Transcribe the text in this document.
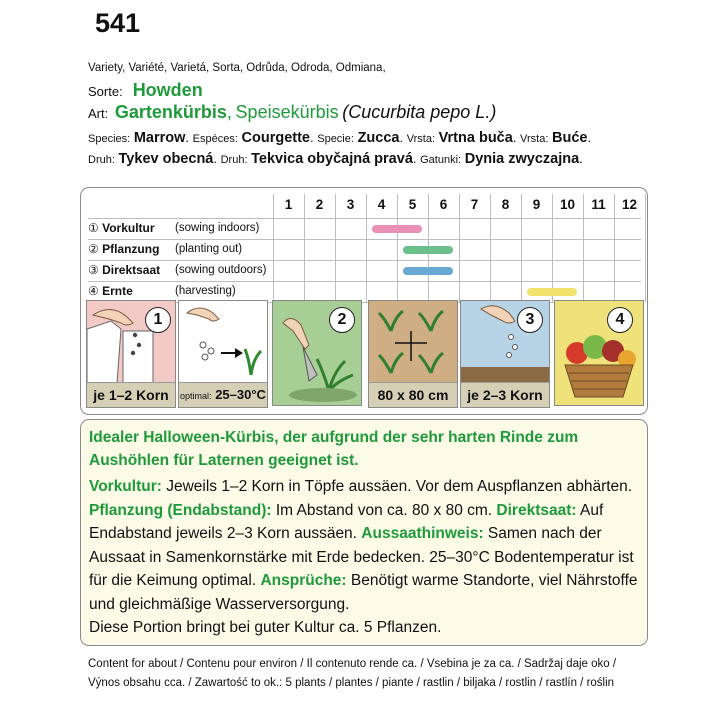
541
Variety, Variété, Varietá, Sorta, Odrůda, Odroda, Odmiana,
Sorte: Howden
Art: Gartenkürbis, Speisekürbis (Cucurbita pepo L.)
Species: Marrow. Espéces: Courgette. Specie: Zucca. Vrsta: Vrtna buča. Vrsta: Buće.
Druh: Tykev obecná. Druh: Tekvica obyčajná pravá. Gatunki: Dynia zwyczajna.
1	2	3	4	5	6	7	8	9	10	11	12
① Vorkultur (sowing indoors)
② Pflanzung (planting out)
③ Direktsaat (sowing outdoors)
④ Ernte	(harvesting)
1
je 1–2 Korn	optimal: 25–30°C
2
80 x 80 cm
3
je 2–3 Korn
4
Idealer Halloween-Kürbis, der aufgrund der sehr harten Rinde zum Aushöhlen für Laternen geeignet ist.
Vorkultur: Jeweils 1–2 Korn in Töpfe aussäen. Vor dem Auspflanzen abhärten. Pflanzung (Endabstand): Im Abstand von ca. 80 x 80 cm. Direktsaat: Auf Endabstand jeweils 2–3 Korn aussäen. Aussaathinweis: Samen nach der Aussaat in Samenkornstärke mit Erde bedecken. 25–30°C Bodentemperatur ist für die Keimung optimal. Ansprüche: Benötigt warme Standorte, viel Nährstoffe und gleichmäßige Wasserversorgung.
Diese Portion bringt bei guter Kultur ca. 5 Pflanzen.
Content for about / Contenu pour environ / Il contenuto rende ca. / Vsebina je za ca. / Sadržaj daje oko /
Výnos obsahu cca. / Zawartość to ok.: 5 plants / plantes / piante / rastlin / biljaka / rostlin / rastlín / roślin
